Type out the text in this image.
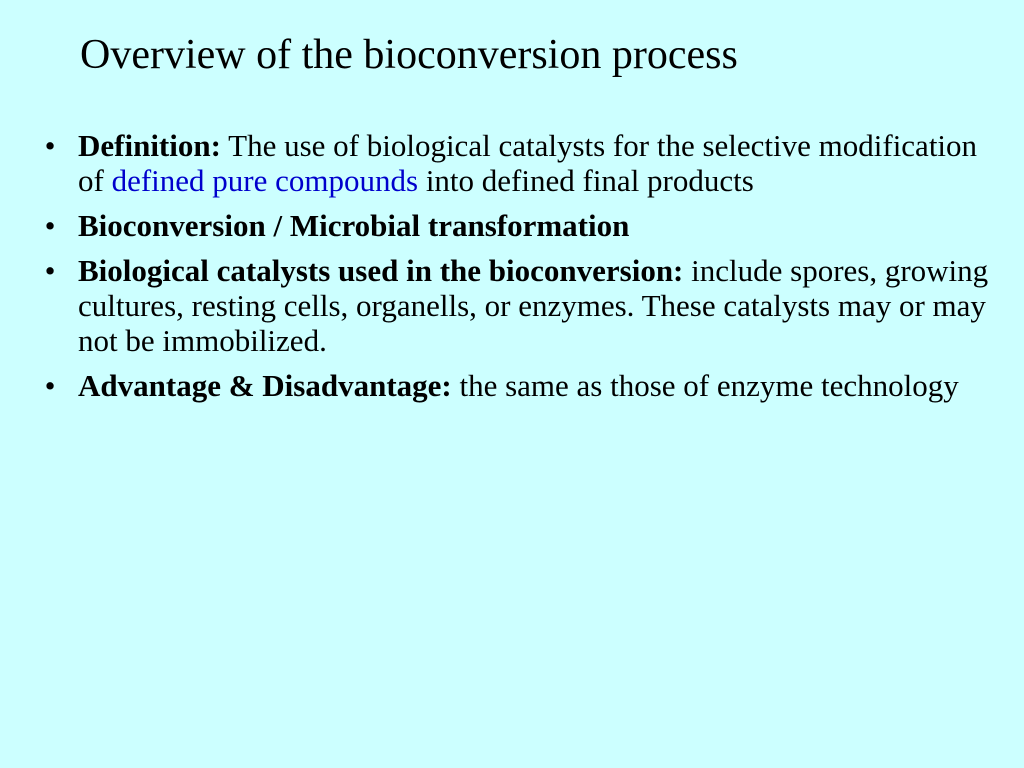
Overview of the bioconversion process
• Definition: The use of biological catalysts for the selective modification of defined pure compounds into defined final products
• Bioconversion / Microbial transformation
• Biological catalysts used in the bioconversion: include spores, growing cultures, resting cells, organells, or enzymes. These catalysts may or may not be immobilized.
• Advantage & Disadvantage: the same as those of enzyme technology
